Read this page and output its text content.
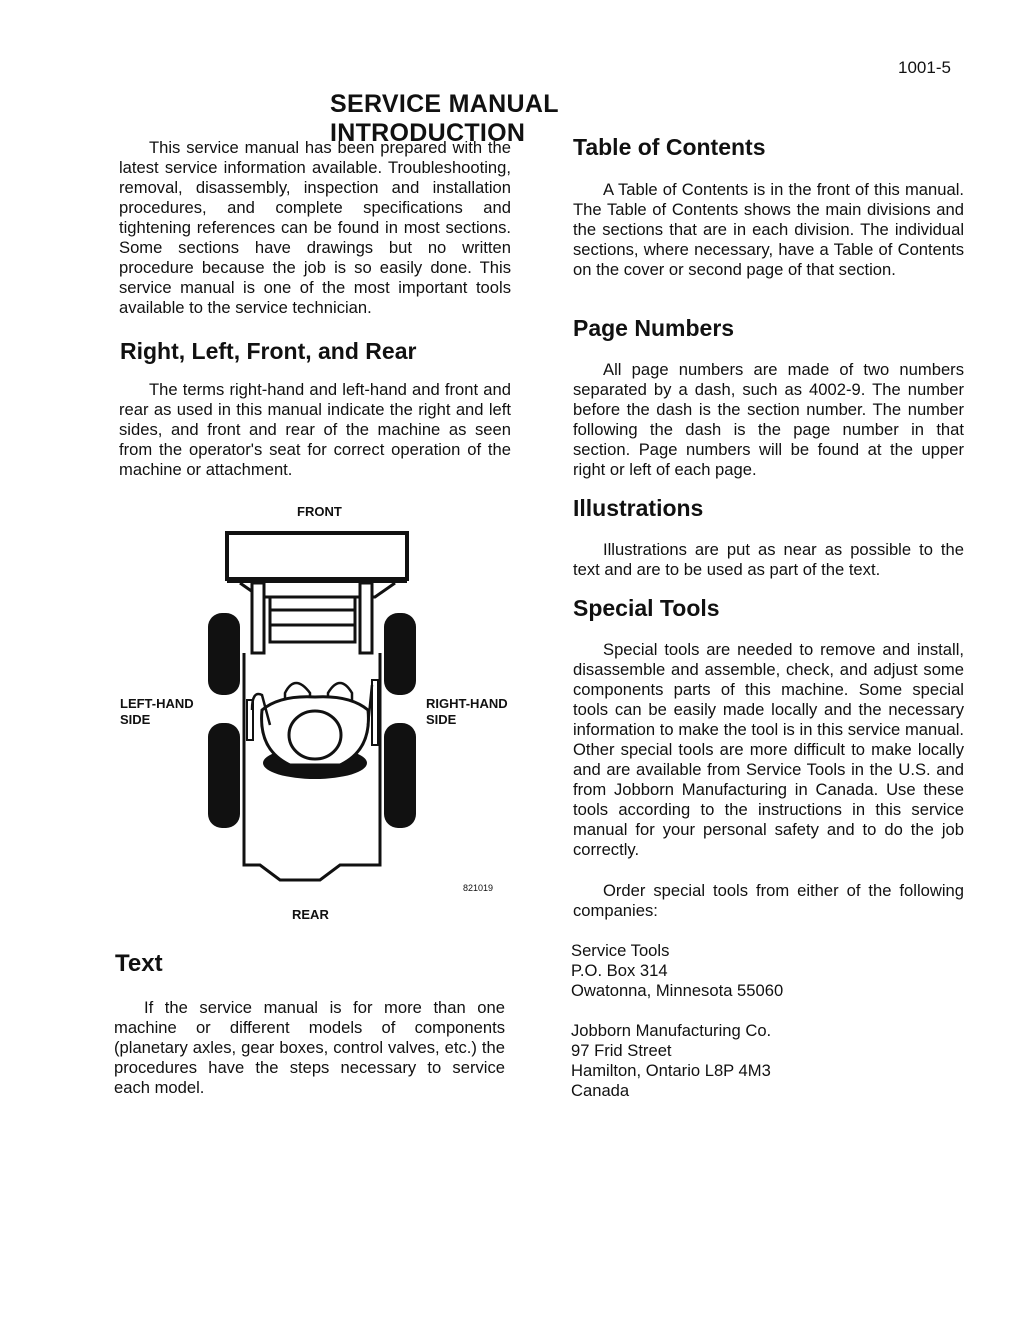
1001-5
SERVICE MANUAL INTRODUCTION

This service manual has been prepared with the latest service information available. Troubleshooting, removal, disassembly, inspection and installation procedures, and complete specifications and tightening references can be found in most sections. Some sections have drawings but no written procedure because the job is so easily done. This service manual is one of the most important tools available to the service technician.

Right, Left, Front, and Rear

The terms right-hand and left-hand and front and rear as used in this manual indicate the right and left sides, and front and rear of the machine as seen from the operator's seat for correct operation of the machine or attachment.

FRONT
LEFT-HAND
SIDE
RIGHT-HAND
SIDE
REAR
821019
Text

If the service manual is for more than one machine or different models of components (planetary axles, gear boxes, control valves, etc.) the procedures have the steps necessary to service each model.

Table of Contents

A Table of Contents is in the front of this manual. The Table of Contents shows the main divisions and the sections that are in each division. The individual sections, where necessary, have a Table of Contents on the cover or second page of that section.

Page Numbers

All page numbers are made of two numbers separated by a dash, such as 4002-9. The number before the dash is the section number. The number following the dash is the page number in that section. Page numbers will be found at the upper right or left of each page.

Illustrations

Illustrations are put as near as possible to the text and are to be used as part of the text.

Special Tools

Special tools are needed to remove and install, disassemble and assemble, check, and adjust some components parts of this machine. Some special tools can be easily made locally and the necessary information to make the tool is in this service manual. Other special tools are more difficult to make locally and are available from Service Tools in the U.S. and from Jobborn Manufacturing in Canada. Use these tools according to the instructions in this service manual for your personal safety and to do the job correctly.

Order special tools from either of the following companies:

Service Tools
P.O. Box 314
Owatonna, Minnesota 55060
Jobborn Manufacturing Co.
97 Frid Street
Hamilton, Ontario L8P 4M3
Canada
